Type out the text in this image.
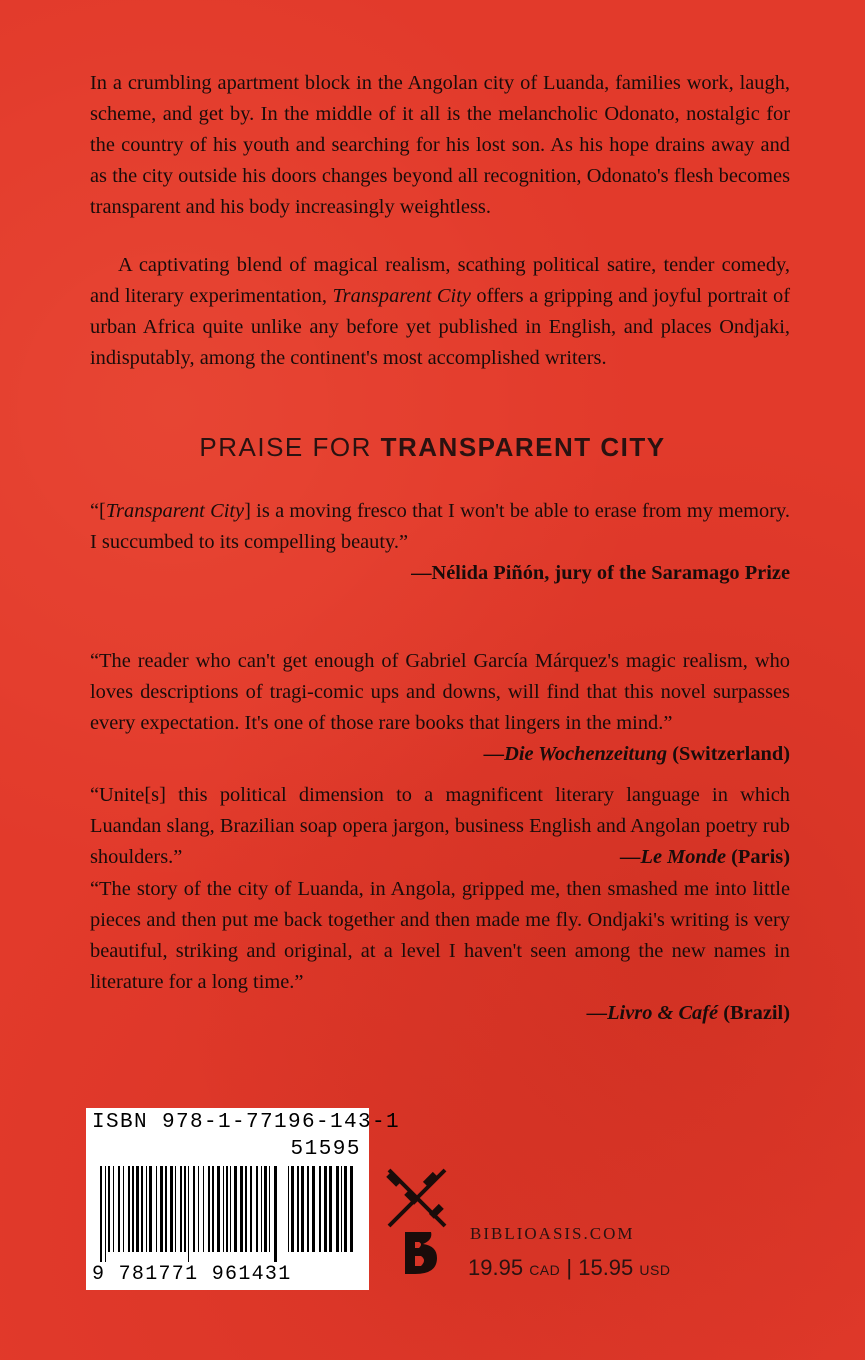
In a crumbling apartment block in the Angolan city of Luanda, families work, laugh, scheme, and get by. In the middle of it all is the melancholic Odonato, nostalgic for the country of his youth and searching for his lost son. As his hope drains away and as the city outside his doors changes beyond all recognition, Odonato's flesh becomes transparent and his body increasingly weightless.

A captivating blend of magical realism, scathing political satire, tender comedy, and literary experimentation, Transparent City offers a gripping and joyful portrait of urban Africa quite unlike any before yet published in English, and places Ondjaki, indisputably, among the continent's most accomplished writers.

PRAISE FOR TRANSPARENT CITY
“[Transparent City] is a moving fresco that I won't be able to erase from my memory. I succumbed to its compelling beauty.”
—Nélida Piñón, jury of the Saramago Prize
“The reader who can't get enough of Gabriel García Márquez's magic realism, who loves descriptions of tragi-comic ups and downs, will find that this novel surpasses every expectation. It's one of those rare books that lingers in the mind.”
—Die Wochenzeitung (Switzerland)
“Unite[s] this political dimension to a magnificent literary language in which Luandan slang, Brazilian soap opera jargon, business English and Angolan poetry rub shoulders.”	—Le Monde (Paris)
“The story of the city of Luanda, in Angola, gripped me, then smashed me into little pieces and then put me back together and then made me fly. Ondjaki's writing is very beautiful, striking and original, at a level I haven't seen among the new names in literature for a long time.”
—Livro & Café (Brazil)
ISBN 978-1-77196-143-1
51595
9 781771 961431
BIBLIOASIS.COM
19.95 CAD | 15.95 USD
